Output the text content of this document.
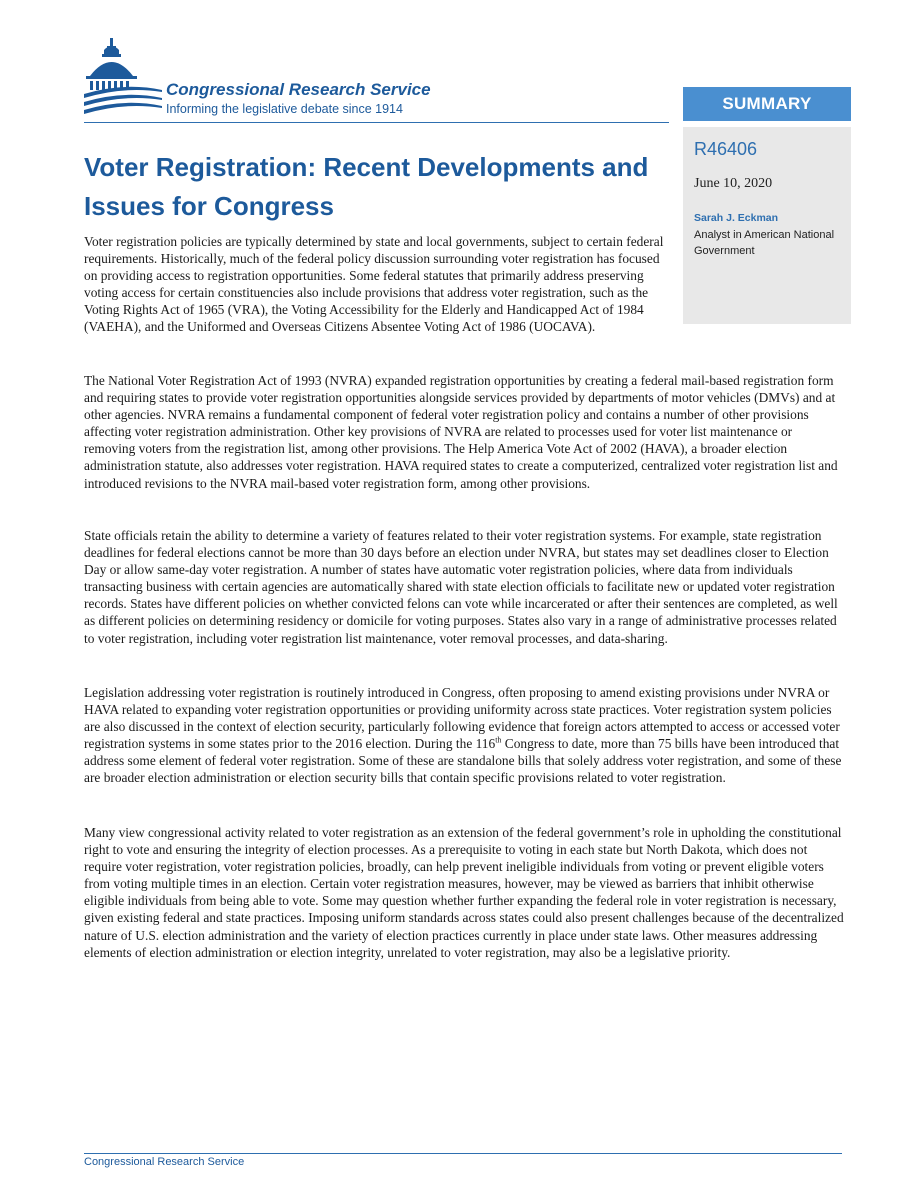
Congressional Research Service

Informing the legislative debate since 1914	SUMMARY
R46406
June 10, 2020
Sarah J. Eckman
Analyst in American National Government
Voter Registration: Recent Developments and Issues for Congress

Voter registration policies are typically determined by state and local governments, subject to certain federal requirements. Historically, much of the federal policy discussion surrounding voter registration has focused on providing access to registration opportunities. Some federal statutes that primarily address preserving voting access for certain constituencies also include provisions that address voter registration, such as the Voting Rights Act of 1965 (VRA), the Voting Accessibility for the Elderly and Handicapped Act of 1984 (VAEHA), and the Uniformed and Overseas Citizens Absentee Voting Act of 1986 (UOCAVA).

The National Voter Registration Act of 1993 (NVRA) expanded registration opportunities by creating a federal mail-based registration form and requiring states to provide voter registration opportunities alongside services provided by departments of motor vehicles (DMVs) and at other agencies. NVRA remains a fundamental component of federal voter registration policy and contains a number of other provisions affecting voter registration administration. Other key provisions of NVRA are related to processes used for voter list maintenance or removing voters from the registration list, among other provisions. The Help America Vote Act of 2002 (HAVA), a broader election administration statute, also addresses voter registration. HAVA required states to create a computerized, centralized voter registration list and introduced revisions to the NVRA mail-based voter registration form, among other provisions.

State officials retain the ability to determine a variety of features related to their voter registration systems. For example, state registration deadlines for federal elections cannot be more than 30 days before an election under NVRA, but states may set deadlines closer to Election Day or allow same-day voter registration. A number of states have automatic voter registration policies, where data from individuals transacting business with certain agencies are automatically shared with state election officials to facilitate new or updated voter registration records. States have different policies on whether convicted felons can vote while incarcerated or after their sentences are completed, as well as different policies on determining residency or domicile for voting purposes. States also vary in a range of administrative processes related to voter registration, including voter registration list maintenance, voter removal processes, and data-sharing.

Legislation addressing voter registration is routinely introduced in Congress, often proposing to amend existing provisions under NVRA or HAVA related to expanding voter registration opportunities or providing uniformity across state practices. Voter registration system policies are also discussed in the context of election security, particularly following evidence that foreign actors attempted to access or accessed voter registration systems in some states prior to the 2016 election. During the 116th Congress to date, more than 75 bills have been introduced that address some element of federal voter registration. Some of these are standalone bills that solely address voter registration, and some of these are broader election administration or election security bills that contain specific provisions related to voter registration.

Many view congressional activity related to voter registration as an extension of the federal government’s role in upholding the constitutional right to vote and ensuring the integrity of election processes. As a prerequisite to voting in each state but North Dakota, which does not require voter registration, voter registration policies, broadly, can help prevent ineligible individuals from voting or prevent eligible voters from voting multiple times in an election. Certain voter registration measures, however, may be viewed as barriers that inhibit otherwise eligible individuals from being able to vote. Some may question whether further expanding the federal role in voter registration is necessary, given existing federal and state practices. Imposing uniform standards across states could also present challenges because of the decentralized nature of U.S. election administration and the variety of election practices currently in place under state laws. Other measures addressing elements of election administration or election integrity, unrelated to voter registration, may also be a legislative priority.

Congressional Research Service
